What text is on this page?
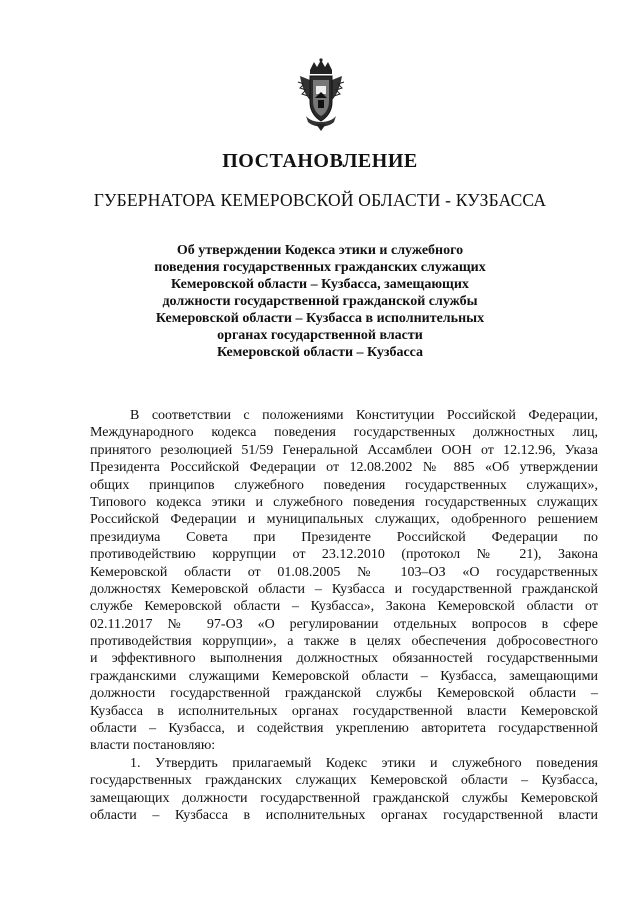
ПОСТАНОВЛЕНИЕ
ГУБЕРНАТОРА КЕМЕРОВСКОЙ ОБЛАСТИ - КУЗБАССА
Об утверждении Кодекса этики и служебного
поведения государственных гражданских служащих
Кемеровской области – Кузбасса, замещающих
должности государственной гражданской службы
Кемеровской области – Кузбасса в исполнительных
органах государственной власти
Кемеровской области – Кузбасса
В соответствии с положениями Конституции Российской Федерации,
Международного кодекса поведения государственных должностных лиц,
принятого резолюцией 51/59 Генеральной Ассамблеи ООН от 12.12.96, Указа
Президента Российской Федерации от 12.08.2002 № 885 «Об утверждении
общих принципов служебного поведения государственных служащих»,
Типового кодекса этики и служебного поведения государственных служащих
Российской Федерации и муниципальных служащих, одобренного решением
президиума Совета при Президенте Российской Федерации по
противодействию коррупции от 23.12.2010 (протокол № 21), Закона
Кемеровской области от 01.08.2005 № 103–ОЗ «О государственных
должностях Кемеровской области – Кузбасса и государственной гражданской
службе Кемеровской области – Кузбасса», Закона Кемеровской области от
02.11.2017 № 97-ОЗ «О регулировании отдельных вопросов в сфере
противодействия коррупции», а также в целях обеспечения добросовестного
и эффективного выполнения должностных обязанностей государственными
гражданскими служащими Кемеровской области – Кузбасса, замещающими
должности государственной гражданской службы Кемеровской области –
Кузбасса в исполнительных органах государственной власти Кемеровской
области – Кузбасса, и содействия укреплению авторитета государственной
власти постановляю:
1. Утвердить прилагаемый Кодекс этики и служебного поведения
государственных гражданских служащих Кемеровской области – Кузбасса,
замещающих должности государственной гражданской службы Кемеровской
области – Кузбасса в исполнительных органах государственной власти
